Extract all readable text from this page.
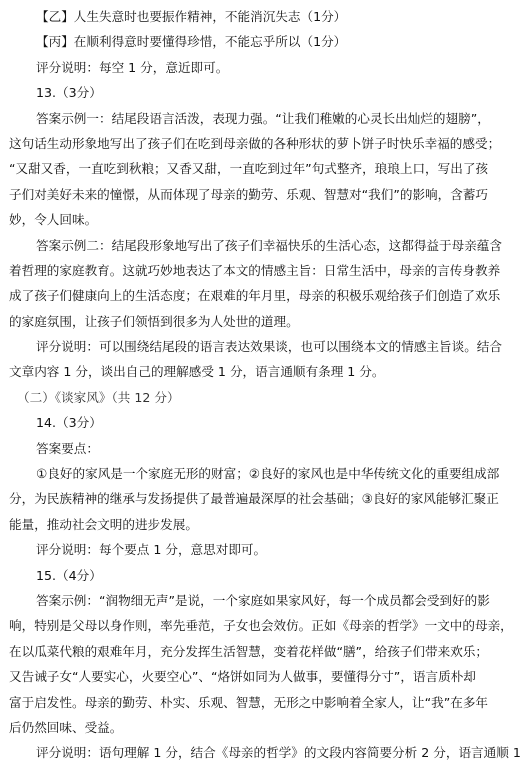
【乙】人生失意时也要振作精神，不能消沉失志（1分）
【丙】在顺利得意时要懂得珍惜，不能忘乎所以（1分）
评分说明：每空 1 分，意近即可。
13.（3分）
答案示例一：结尾段语言活泼，表现力强。“让我们稚嫩的心灵长出灿烂的翅膀”，
这句话生动形象地写出了孩子们在吃到母亲做的各种形状的萝卜饼子时快乐幸福的感受；
“又甜又香，一直吃到秋粮；又香又甜，一直吃到过年”句式整齐，琅琅上口，写出了孩
子们对美好未来的憧憬，从而体现了母亲的勤劳、乐观、智慧对“我们”的影响，含蓄巧
妙，令人回味。
答案示例二：结尾段形象地写出了孩子们幸福快乐的生活心态，这都得益于母亲蕴含
着哲理的家庭教育。这就巧妙地表达了本文的情感主旨：日常生活中，母亲的言传身教养
成了孩子们健康向上的生活态度；在艰难的年月里，母亲的积极乐观给孩子们创造了欢乐
的家庭氛围，让孩子们领悟到很多为人处世的道理。
评分说明：可以围绕结尾段的语言表达效果谈，也可以围绕本文的情感主旨谈。结合
文章内容 1 分，谈出自己的理解感受 1 分，语言通顺有条理 1 分。
（二）《谈家风》（共 12 分）
14.（3分）
答案要点：
①良好的家风是一个家庭无形的财富；②良好的家风也是中华传统文化的重要组成部
分，为民族精神的继承与发扬提供了最普遍最深厚的社会基础；③良好的家风能够汇聚正
能量，推动社会文明的进步发展。
评分说明：每个要点 1 分，意思对即可。
15.（4分）
答案示例：“润物细无声”是说，一个家庭如果家风好，每一个成员都会受到好的影
响，特别是父母以身作则，率先垂范，子女也会效仿。正如《母亲的哲学》一文中的母亲，
在以瓜菜代粮的艰难年月，充分发挥生活智慧，变着花样做“膳”，给孩子们带来欢乐；
又告诫子女“人要实心，火要空心”、“烙饼如同为人做事，要懂得分寸”，语言质朴却
富于启发性。母亲的勤劳、朴实、乐观、智慧，无形之中影响着全家人，让“我”在多年
后仍然回味、受益。
评分说明：语句理解 1 分，结合《母亲的哲学》的文段内容简要分析 2 分，语言通顺 1
